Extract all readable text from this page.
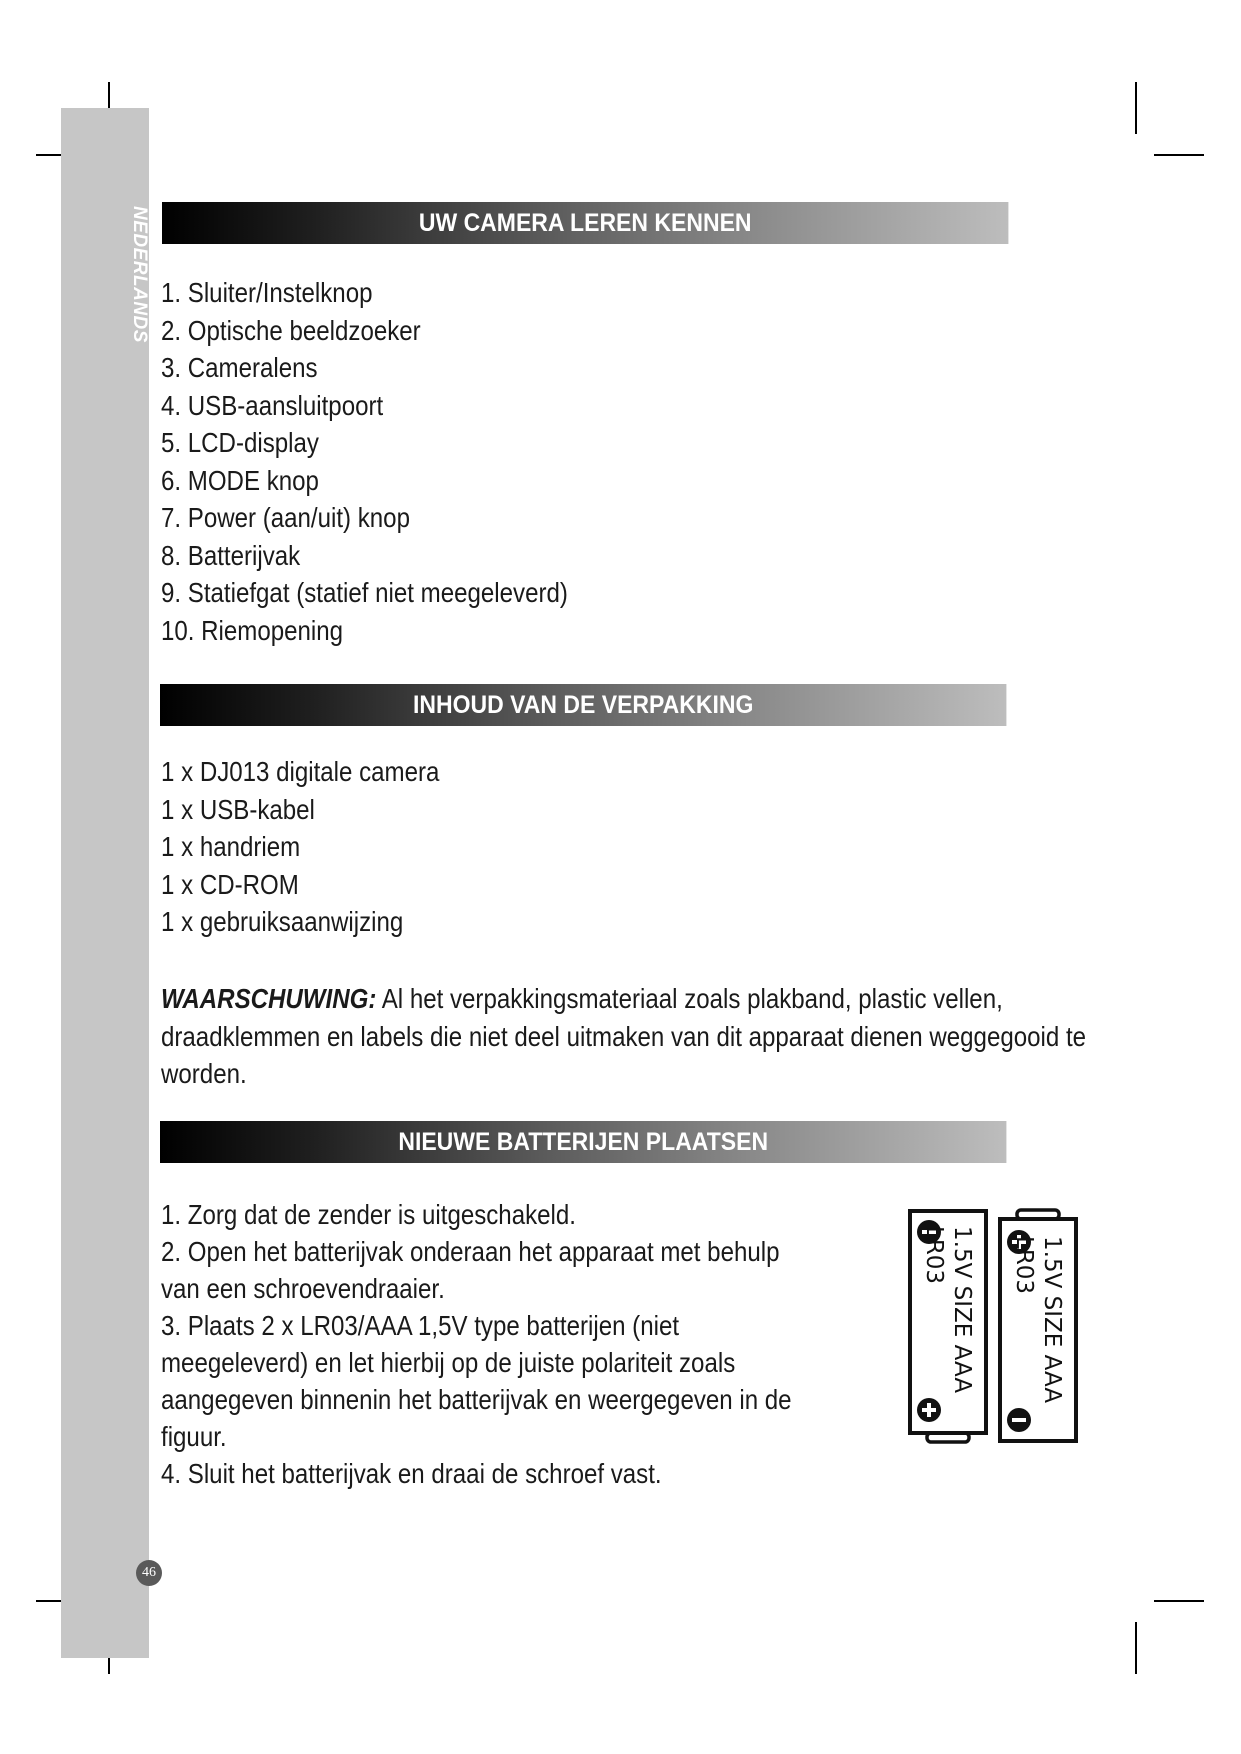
NEDERLANDS
46
UW CAMERA LEREN KENNEN
1. Sluiter/Instelknop
2. Optische beeldzoeker
3. Cameralens
4. USB-aansluitpoort
5. LCD-display
6. MODE knop
7. Power (aan/uit) knop
8. Batterijvak
9. Statiefgat (statief niet meegeleverd)
10. Riemopening
INHOUD VAN DE VERPAKKING
1 x DJ013 digitale camera
1 x USB-kabel
1 x handriem
1 x CD-ROM
1 x gebruiksaanwijzing

WAARSCHUWING: Al het verpakkingsmateriaal zoals plakband, plastic vellen, draadklemmen en labels die niet deel uitmaken van dit apparaat dienen weggegooid te worden.

NIEUWE BATTERIJEN PLAATSEN

1. Zorg dat de zender is uitgeschakeld.

2. Open het batterijvak onderaan het apparaat met behulp van een schroevendraaier.

3. Plaats 2 x LR03/AAA 1,5V type batterijen (niet meegeleverd) en let hierbij op de juiste polariteit zoals aangegeven binnenin het batterijvak en weergegeven in de figuur.

4. Sluit het batterijvak en draai de schroef vast.

1.5V SIZE AAA
LR03	1.5V SIZE AAA
LR03
